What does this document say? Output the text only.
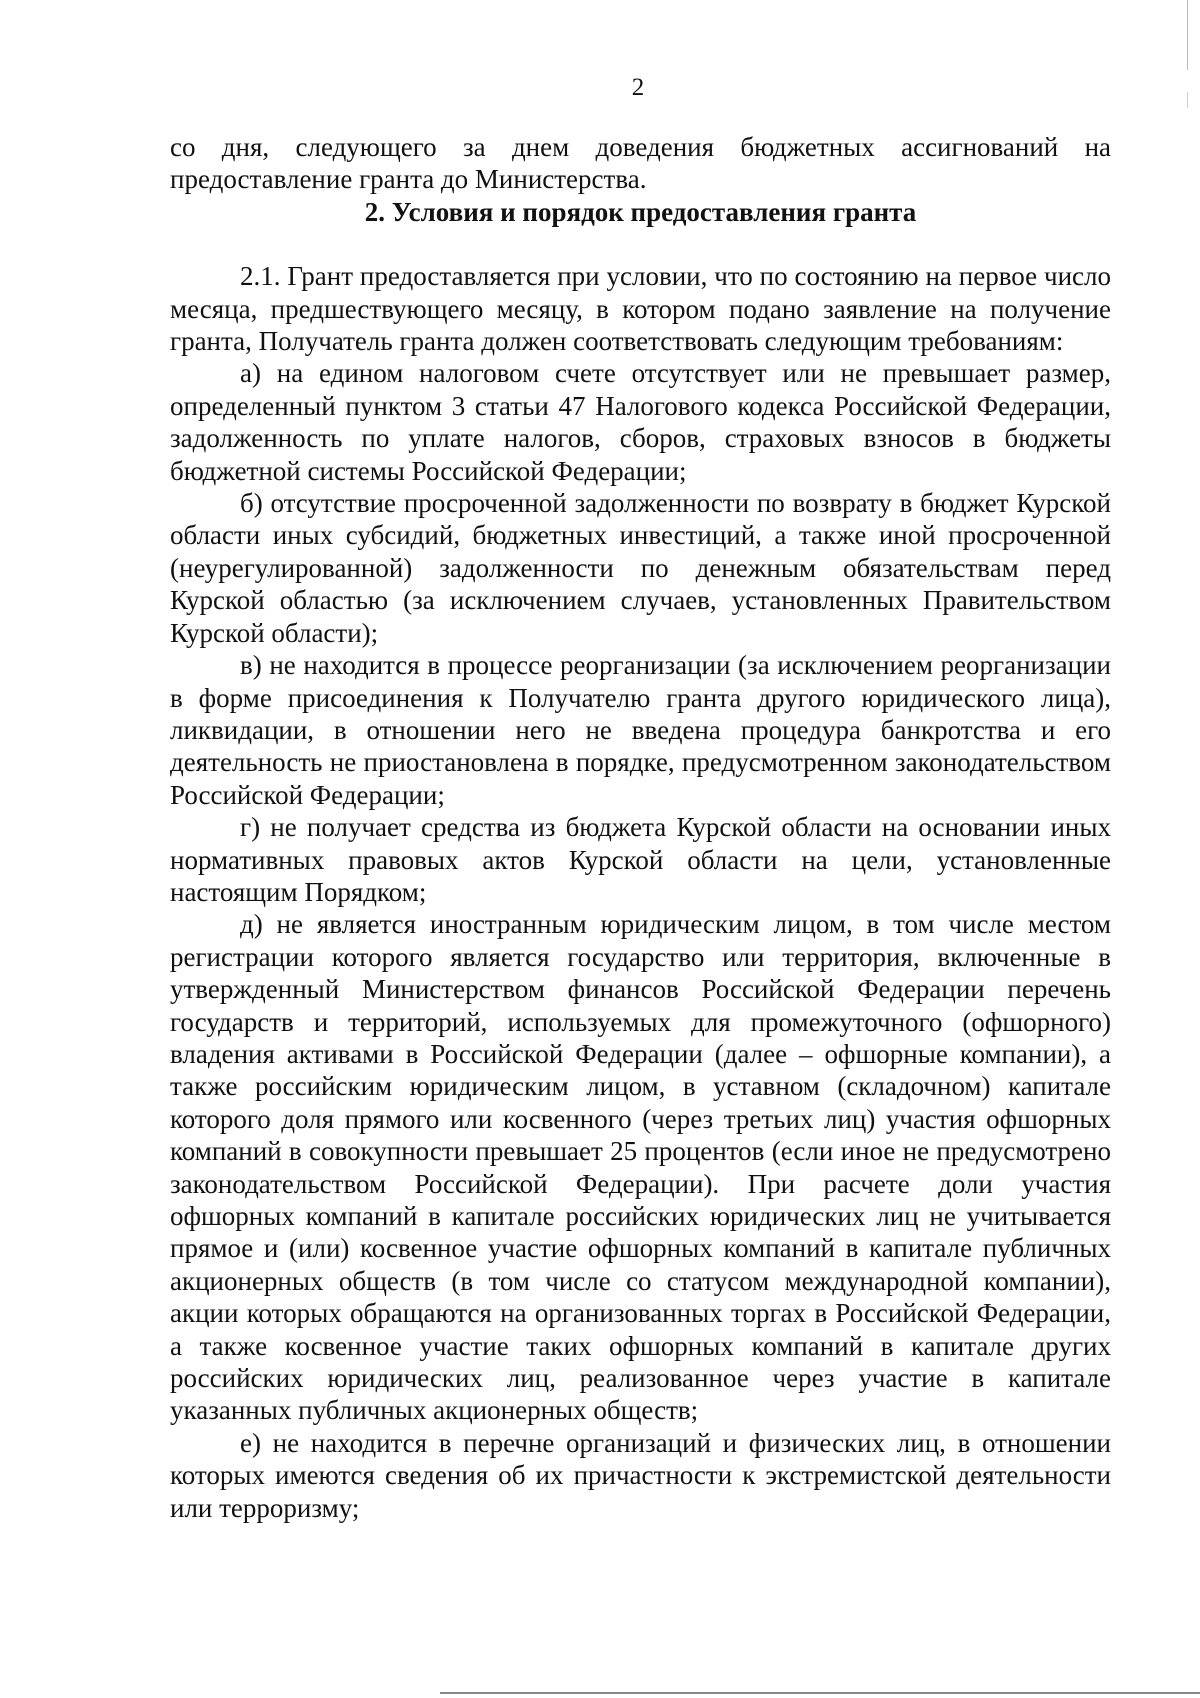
2

со дня, следующего за днем доведения бюджетных ассигнований на предоставление гранта до Министерства.

2. Условия и порядок предоставления гранта

2.1. Грант предоставляется при условии, что по состоянию на первое число месяца, предшествующего месяцу, в котором подано заявление на получение гранта, Получатель гранта должен соответствовать следующим требованиям:

а) на едином налоговом счете отсутствует или не превышает размер, определенный пунктом 3 статьи 47 Налогового кодекса Российской Федерации, задолженность по уплате налогов, сборов, страховых взносов в бюджеты бюджетной системы Российской Федерации;

б) отсутствие просроченной задолженности по возврату в бюджет Курской области иных субсидий, бюджетных инвестиций, а также иной просроченной (неурегулированной) задолженности по денежным обязательствам перед Курской областью (за исключением случаев, установленных Правительством Курской области);

в) не находится в процессе реорганизации (за исключением реорганизации в форме присоединения к Получателю гранта другого юридического лица), ликвидации, в отношении него не введена процедура банкротства и его деятельность не приостановлена в порядке, предусмотренном законодательством Российской Федерации;

г) не получает средства из бюджета Курской области на основании иных нормативных правовых актов Курской области на цели, установленные настоящим Порядком;

д) не является иностранным юридическим лицом, в том числе местом регистрации которого является государство или территория, включенные в утвержденный Министерством финансов Российской Федерации перечень государств и территорий, используемых для промежуточного (офшорного) владения активами в Российской Федерации (далее – офшорные компании), а также российским юридическим лицом, в уставном (складочном) капитале которого доля прямого или косвенного (через третьих лиц) участия офшорных компаний в совокупности превышает 25 процентов (если иное не предусмотрено законодательством Российской Федерации). При расчете доли участия офшорных компаний в капитале российских юридических лиц не учитывается прямое и (или) косвенное участие офшорных компаний в капитале публичных акционерных обществ (в том числе со статусом международной компании), акции которых обращаются на организованных торгах в Российской Федерации, а также косвенное участие таких офшорных компаний в капитале других российских юридических лиц, реализованное через участие в капитале указанных публичных акционерных обществ;

е) не находится в перечне организаций и физических лиц, в отношении которых имеются сведения об их причастности к экстремистской деятельности или терроризму;
